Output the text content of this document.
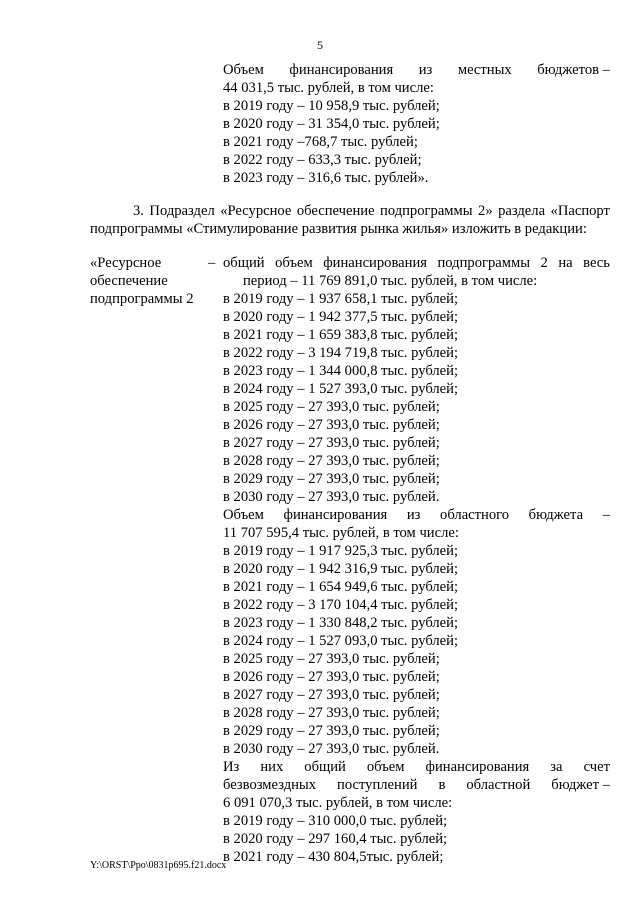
5
Объем финансирования из местных бюджетов –
44 031,5 тыс. рублей, в том числе:
в 2019 году – 10 958,9 тыс. рублей;
в 2020 году – 31 354,0 тыс. рублей;
в 2021 году –768,7 тыс. рублей;
в 2022 году – 633,3 тыс. рублей;
в 2023 году – 316,6 тыс. рублей».
3. Подраздел «Ресурсное обеспечение подпрограммы 2» раздела «Паспорт
подпрограммы «Стимулирование развития рынка жилья» изложить в редакции:
«Ресурсное
обеспечение
подпрограммы 2
– общий объем финансирования подпрограммы 2 на весь
период – 11 769 891,0 тыс. рублей, в том числе:
в 2019 году – 1 937 658,1 тыс. рублей;
в 2020 году – 1 942 377,5 тыс. рублей;
в 2021 году – 1 659 383,8 тыс. рублей;
в 2022 году – 3 194 719,8 тыс. рублей;
в 2023 году – 1 344 000,8 тыс. рублей;
в 2024 году – 1 527 393,0 тыс. рублей;
в 2025 году – 27 393,0 тыс. рублей;
в 2026 году – 27 393,0 тыс. рублей;
в 2027 году – 27 393,0 тыс. рублей;
в 2028 году – 27 393,0 тыс. рублей;
в 2029 году – 27 393,0 тыс. рублей;
в 2030 году – 27 393,0 тыс. рублей.
Объем финансирования из областного бюджета –
11 707 595,4 тыс. рублей, в том числе:
в 2019 году – 1 917 925,3 тыс. рублей;
в 2020 году – 1 942 316,9 тыс. рублей;
в 2021 году – 1 654 949,6 тыс. рублей;
в 2022 году – 3 170 104,4 тыс. рублей;
в 2023 году – 1 330 848,2 тыс. рублей;
в 2024 году – 1 527 093,0 тыс. рублей;
в 2025 году – 27 393,0 тыс. рублей;
в 2026 году – 27 393,0 тыс. рублей;
в 2027 году – 27 393,0 тыс. рублей;
в 2028 году – 27 393,0 тыс. рублей;
в 2029 году – 27 393,0 тыс. рублей;
в 2030 году – 27 393,0 тыс. рублей.
Из них общий объем финансирования за счет
безвозмездных поступлений в областной бюджет –
6 091 070,3 тыс. рублей, в том числе:
в 2019 году – 310 000,0 тыс. рублей;
в 2020 году – 297 160,4 тыс. рублей;
в 2021 году – 430 804,5тыс. рублей;
Y:\ORST\Ppo\0831p695.f21.docx
